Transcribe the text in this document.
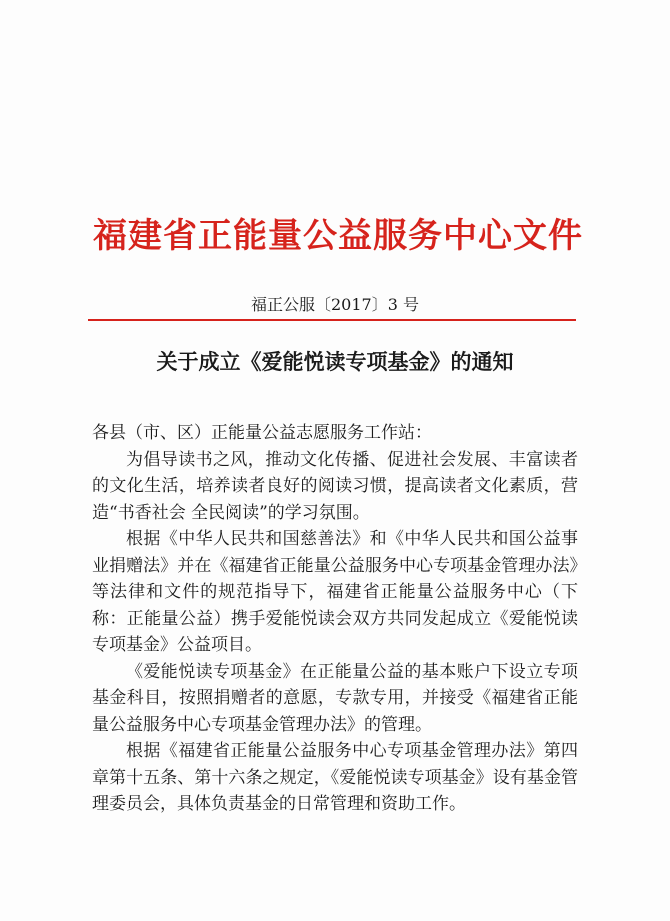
福建省正能量公益服务中心文件
福正公服〔2017〕3 号
关于成立《爱能悦读专项基金》的通知

各县（市、区）正能量公益志愿服务工作站：

为倡导读书之风，推动文化传播、促进社会发展、丰富读者的文化生活，培养读者良好的阅读习惯，提高读者文化素质，营造“书香社会 全民阅读”的学习氛围。

根据《中华人民共和国慈善法》和《中华人民共和国公益事业捐赠法》并在《福建省正能量公益服务中心专项基金管理办法》等法律和文件的规范指导下，福建省正能量公益服务中心（下称：正能量公益）携手爱能悦读会双方共同发起成立《爱能悦读专项基金》公益项目。

《爱能悦读专项基金》在正能量公益的基本账户下设立专项基金科目，按照捐赠者的意愿，专款专用，并接受《福建省正能量公益服务中心专项基金管理办法》的管理。

根据《福建省正能量公益服务中心专项基金管理办法》第四章第十五条、第十六条之规定，《爱能悦读专项基金》设有基金管理委员会，具体负责基金的日常管理和资助工作。
